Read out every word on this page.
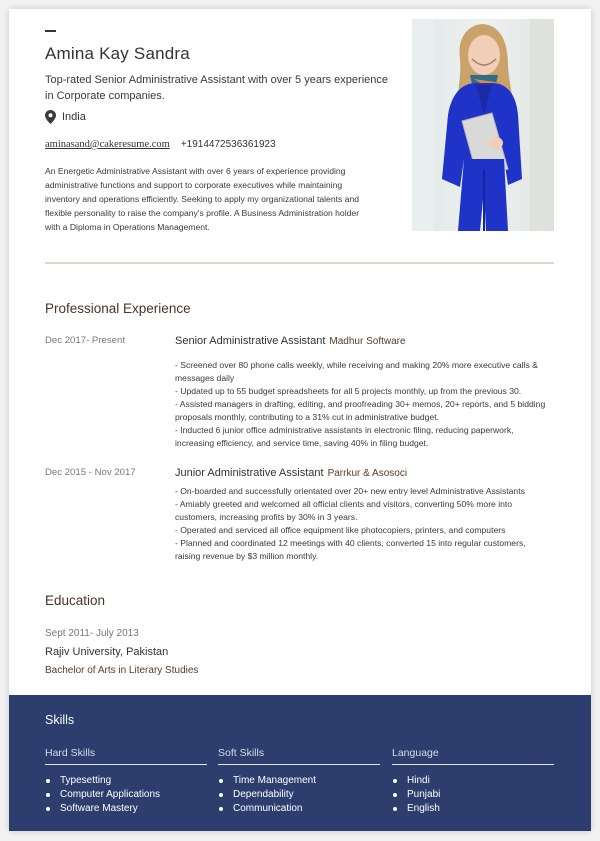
Amina Kay Sandra
Top-rated Senior Administrative Assistant with over 5 years experience in Corporate companies.
India
aminasand@cakeresume.com +1914472536361923
An Energetic Administrative Assistant with over 6 years of experience providing administrative functions and support to corporate executives while maintaining inventory and operations efficiently. Seeking to apply my organizational talents and flexible personality to raise the company's profile. A Business Administration holder with a Diploma in Operations Management.
Professional Experience
Dec 2017- Present	Senior Administrative Assistant Madhur Software
- Screened over 80 phone calls weekly, while receiving and making 20% more executive calls & messages daily
- Updated up to 55 budget spreadsheets for all 5 projects monthly, up from the previous 30.
- Assisted managers in drafting, editing, and proofreading 30+ memos, 20+ reports, and 5 bidding proposals monthly, contributing to a 31% cut in administrative budget.
- Inducted 6 junior office administrative assistants in electronic filing, reducing paperwork, increasing efficiency, and service time, saving 40% in filing budget.
Dec 2015 - Nov 2017	Junior Administrative Assistant Parrkur & Asosoci
- On-boarded and successfully orientated over 20+ new entry level Administrative Assistants
- Amiably greeted and welcomed all official clients and visitors, converting 50% more into customers, increasing profits by 30% in 3 years.
- Operated and serviced all office equipment like photocopiers, printers, and computers
- Planned and coordinated 12 meetings with 40 clients, converted 15 into regular customers, raising revenue by $3 million monthly.
Education
Sept 2011- July 2013
Rajiv University, Pakistan
Bachelor of Arts in Literary Studies
Skills
Hard Skills
Typesetting
Computer Applications
Software Mastery
Soft Skills
Time Management
Dependability
Communication
Language
Hindi
Punjabi
English
